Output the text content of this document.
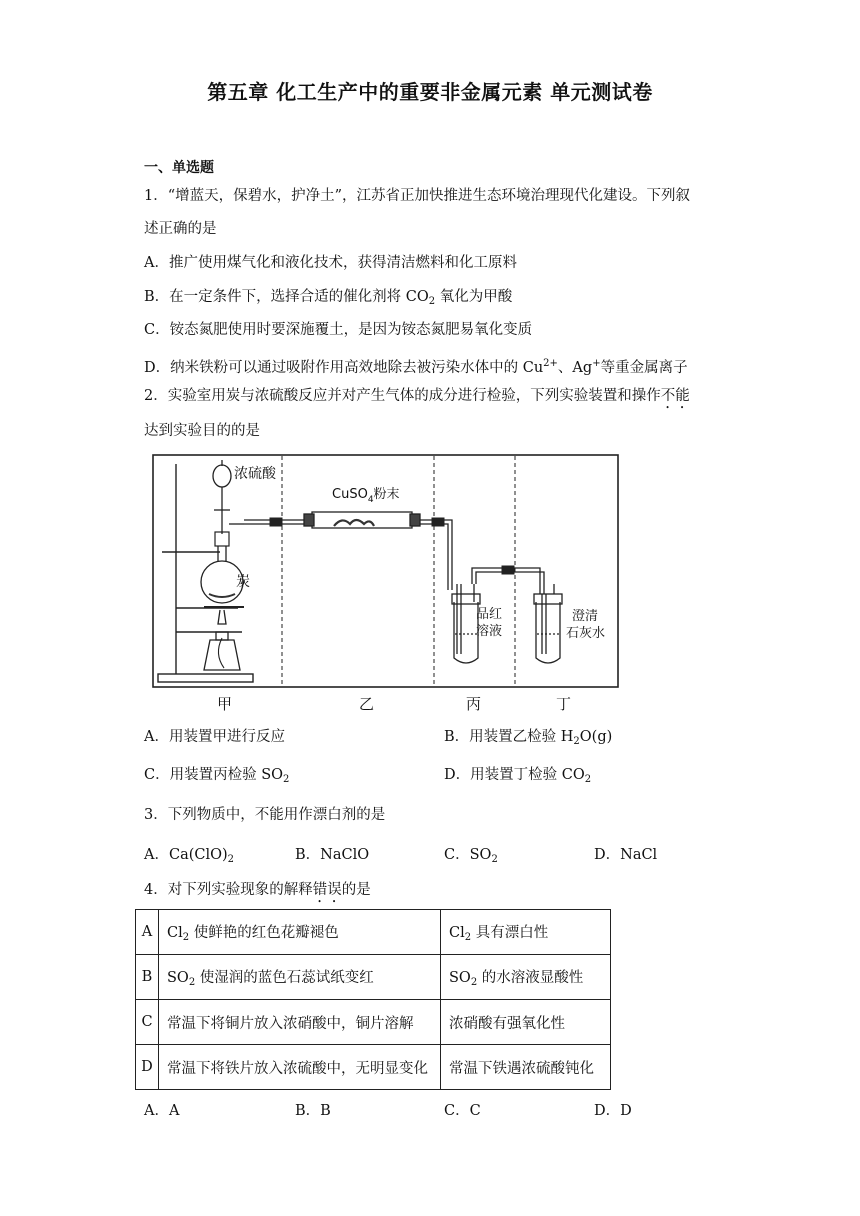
第五章 化工生产中的重要非金属元素 单元测试卷
一、单选题
1．“增蓝天，保碧水，护净土”，江苏省正加快推进生态环境治理现代化建设。下列叙
述正确的是
A．推广使用煤气化和液化技术，获得清洁燃料和化工原料
B．在一定条件下，选择合适的催化剂将 $CO_2$ 氧化为甲酸
C．铵态氮肥使用时要深施覆土，是因为铵态氮肥易氧化变质
D．纳米铁粉可以通过吸附作用高效地除去被污染水体中的 $Cu^{2+}$、Ag+等重金属离子
2．实验室用炭与浓硫酸反应并对产生气体的成分进行检验，下列实验装置和操作不能
达到实验目的的是
浓硫酸
炭
CuSO$_4$粉末
品红
溶液
澄清
石灰水
甲	乙	丙	丁
A．用装置甲进行反应	B．用装置乙检验 $H_2O(g)$
C．用装置丙检验 $SO_2$	D．用装置丁检验 $CO_2$
3．下列物质中，不能用作漂白剂的是
A．$Ca(ClO)_2$	B．NaClO	C．$SO_2$	D．NaCl
4．对下列实验现象的解释错误的是
A	$Cl_2$ 使鲜艳的红色花瓣褪色	$Cl_2$ 具有漂白性
B	$SO_2$ 使湿润的蓝色石蕊试纸变红	$SO_2$ 的水溶液显酸性
C	常温下将铜片放入浓硝酸中，铜片溶解	浓硝酸有强氧化性
D	常温下将铁片放入浓硫酸中，无明显变化	常温下铁遇浓硫酸钝化
A．A	B．B	C．C	D．D
